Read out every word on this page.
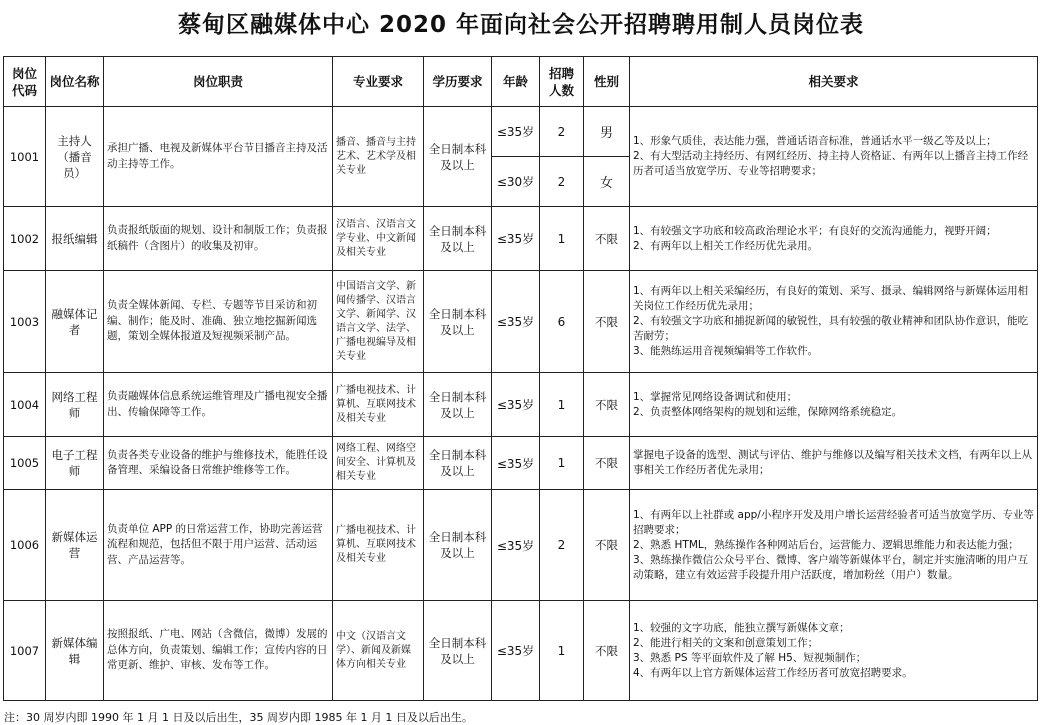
蔡甸区融媒体中心 2020 年面向社会公开招聘聘用制人员岗位表
岗位代码	岗位名称	岗位职责	专业要求	学历要求	年龄	招聘人数	性别	相关要求
1001	主持人（播音员）	承担广播、电视及新媒体平台节目播音主持及活动主持等工作。	播音、播音与主持艺术、艺术学及相关专业	全日制本科及以上	≤35岁	2	男	1、形象气质佳，表达能力强，普通话语音标准，普通话水平一级乙等及以上；
2、有大型活动主持经历、有网红经历、持主持人资格证、有两年以上播音主持工作经历者可适当放宽学历、专业等招聘要求；

					≤30岁	2	女	
1002	报纸编辑	负责报纸版面的规划、设计和制版工作；负责报纸稿件（含图片）的收集及初审。	汉语言、汉语言文学专业、中文新闻及相关专业	全日制本科及以上	≤35岁	1	不限	1、有较强文字功底和较高政治理论水平；有良好的交流沟通能力，视野开阔；
2、有两年以上相关工作经历优先录用。

1003	融媒体记者	负责全媒体新闻、专栏、专题等节目采访和初编、制作；能及时、准确、独立地挖掘新闻选题，策划全媒体报道及短视频采制产品。	中国语言文学、新闻传播学、汉语言文学、新闻学、汉语言文学、法学、广播电视编导及相关专业	全日制本科及以上	≤35岁	6	不限	1、有两年以上相关采编经历，有良好的策划、采写、摄录、编辑网络与新媒体运用相关岗位工作经历优先录用；
2、有较强文字功底和捕捉新闻的敏锐性，具有较强的敬业精神和团队协作意识，能吃苦耐劳；
3、能熟练运用音视频编辑等工作软件。

1004	网络工程师	负责融媒体信息系统运维管理及广播电视安全播出、传输保障等工作。	广播电视技术、计算机、互联网技术及相关专业	全日制本科及以上	≤35岁	1	不限	1、掌握常见网络设备调试和使用；
2、负责整体网络架构的规划和运维，保障网络系统稳定。

1005	电子工程师	负责各类专业设备的维护与维修技术，能胜任设备管理、采编设备日常维护维修等工作。	网络工程、网络空间安全、计算机及相关专业	全日制本科及以上	≤35岁	1	不限	掌握电子设备的选型、测试与评估、维护与维修以及编写相关技术文档，有两年以上从事相关工作经历者优先录用；

1006	新媒体运营	负责单位 APP 的日常运营工作，协助完善运营流程和规范，包括但不限于用户运营、活动运营、产品运营等。	广播电视技术、计算机、互联网技术及相关专业	全日制本科及以上	≤35岁	2	不限	1、有两年以上社群或 app/小程序开发及用户增长运营经验者可适当放宽学历、专业等招聘要求；
2、熟悉 HTML，熟练操作各种网站后台，运营能力、逻辑思维能力和表达能力强；
3、熟练操作微信公众号平台、微博、客户端等新媒体平台，制定并实施清晰的用户互动策略，建立有效运营手段提升用户活跃度，增加粉丝（用户）数量。

1007	新媒体编辑	按照报纸、广电、网站（含微信，微博）发展的总体方向，负责策划、编辑工作；宣传内容的日常更新、维护、审核、发布等工作。	中文（汉语言文学）、新闻及新媒体方向相关专业	全日制本科及以上	≤35岁	1	不限	1、较强的文字功底，能独立撰写新媒体文章；
2、能进行相关的文案和创意策划工作；
3、熟悉 PS 等平面软件及了解 H5、短视频制作；
4、有两年以上官方新媒体运营工作经历者可放宽招聘要求。
注：30 周岁内即 1990 年 1 月 1 日及以后出生，35 周岁内即 1985 年 1 月 1 日及以后出生。
